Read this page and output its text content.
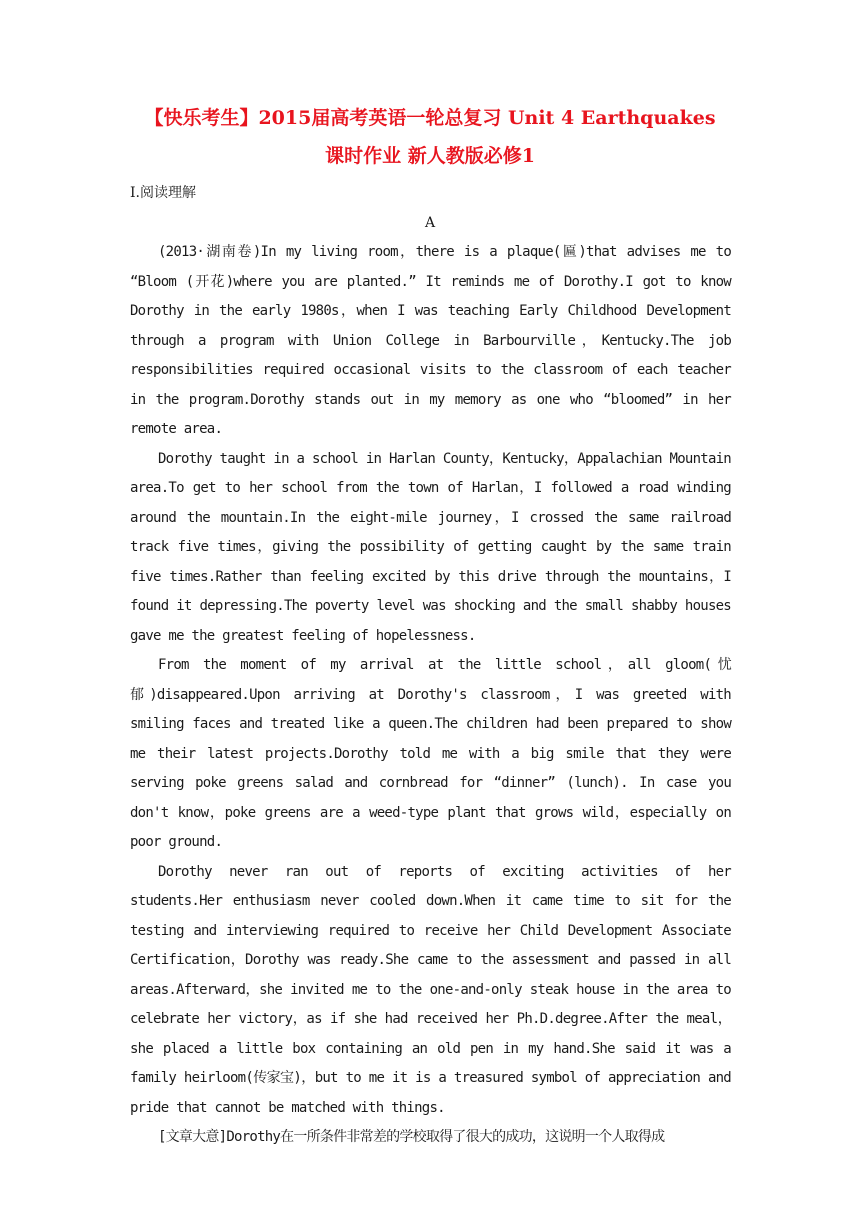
【快乐考生】2015届高考英语一轮总复习 Unit 4 Earthquakes
课时作业 新人教版必修1
Ⅰ.阅读理解
A

(2013·湖南卷)In my living room，there is a plaque(匾)that advises me to “Bloom (开花)where you are planted.” It reminds me of Dorothy.I got to know Dorothy in the early 1980s，when I was teaching Early Childhood Development through a program with Union College in Barbourville，Kentucky.The job responsibilities required occasional visits to the classroom of each teacher in the program.Dorothy stands out in my memory as one who “bloomed” in her remote area.

Dorothy taught in a school in Harlan County，Kentucky，Appalachian Mountain area.To get to her school from the town of Harlan，I followed a road winding around the mountain.In the eight-mile journey，I crossed the same railroad track five times，giving the possibility of getting caught by the same train five times.Rather than feeling excited by this drive through the mountains，I found it depressing.The poverty level was shocking and the small shabby houses gave me the greatest feeling of hopelessness.

From the moment of my arrival at the little school，all gloom(忧郁)disappeared.Upon arriving at Dorothy's classroom，I was greeted with smiling faces and treated like a queen.The children had been prepared to show me their latest projects.Dorothy told me with a big smile that they were serving poke greens salad and cornbread for “dinner” (lunch). In case you don't know，poke greens are a weed-type plant that grows wild，especially on poor ground.

Dorothy never ran out of reports of exciting activities of her students.Her enthusiasm never cooled down.When it came time to sit for the testing and interviewing required to receive her Child Development Associate Certification，Dorothy was ready.She came to the assessment and passed in all areas.Afterward，she invited me to the one-and-only steak house in the area to celebrate her victory，as if she had received her Ph.D.degree.After the meal，she placed a little box containing an old pen in my hand.She said it was a family heirloom(传家宝)，but to me it is a treasured symbol of appreciation and pride that cannot be matched with things.

[文章大意]Dorothy在一所条件非常差的学校取得了很大的成功，这说明一个人取得成
